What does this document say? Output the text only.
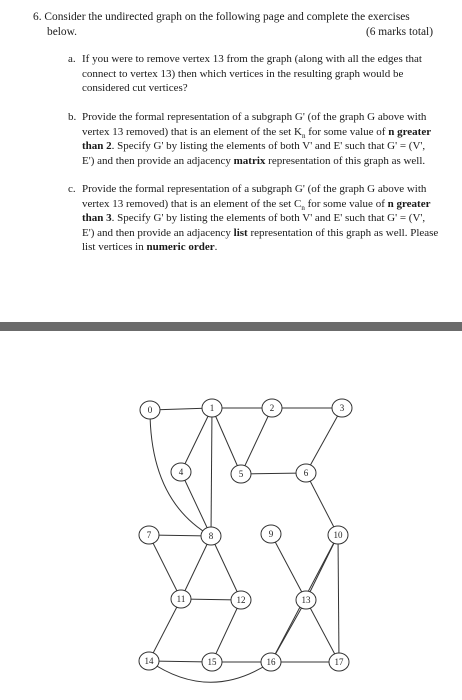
6. Consider the undirected graph on the following page and complete the exercises
below.	(6 marks total)
a. If you were to remove vertex 13 from the graph (along with all the edges that connect to vertex 13) then which vertices in the resulting graph would be considered cut vertices?
b. Provide the formal representation of a subgraph G' (of the graph G above with vertex 13 removed) that is an element of the set $K_n$ for some value of n greater than 2. Specify G' by listing the elements of both V' and E' such that G' = (V', E') and then provide an adjacency matrix representation of this graph as well.
c. Provide the formal representation of a subgraph G' (of the graph G above with vertex 13 removed) that is an element of the set $C_n$ for some value of n greater than 3. Specify G' by listing the elements of both V' and E' such that G' = (V', E') and then provide an adjacency list representation of this graph as well. Please list vertices in numeric order.
0	1	2	3
4	5	6
7	8	9	10
11	12	13
14	15	16	17
